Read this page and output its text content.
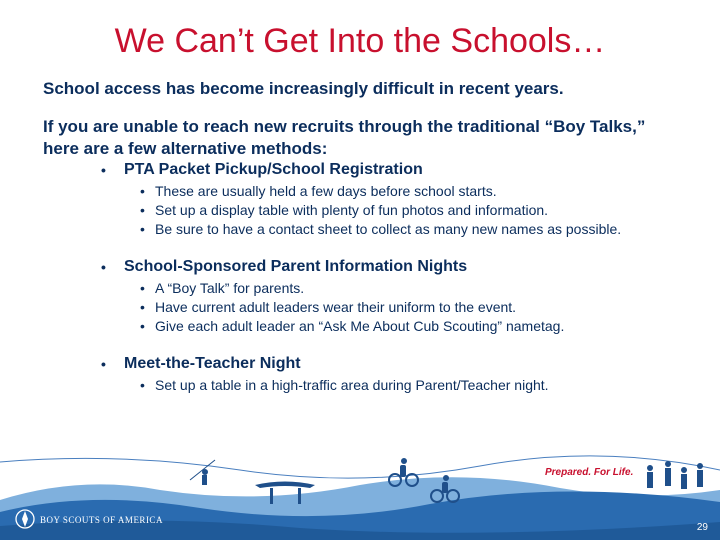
We Can’t Get Into the Schools…

School access has become increasingly difficult in recent years.

If you are unable to reach new recruits through the traditional “Boy Talks,” here are a few alternative methods:

• PTA Packet Pickup/School Registration
• These are usually held a few days before school starts.
• Set up a display table with plenty of fun photos and information.
• Be sure to have a contact sheet to collect as many new names as possible.
• School-Sponsored Parent Information Nights
• A “Boy Talk” for parents.
• Have current adult leaders wear their uniform to the event.
• Give each adult leader an “Ask Me About Cub Scouting” nametag.
• Meet-the-Teacher Night
• Set up a table in a high-traffic area during Parent/Teacher night.
Prepared. For Life.
BOY SCOUTS OF AMERICA
29
